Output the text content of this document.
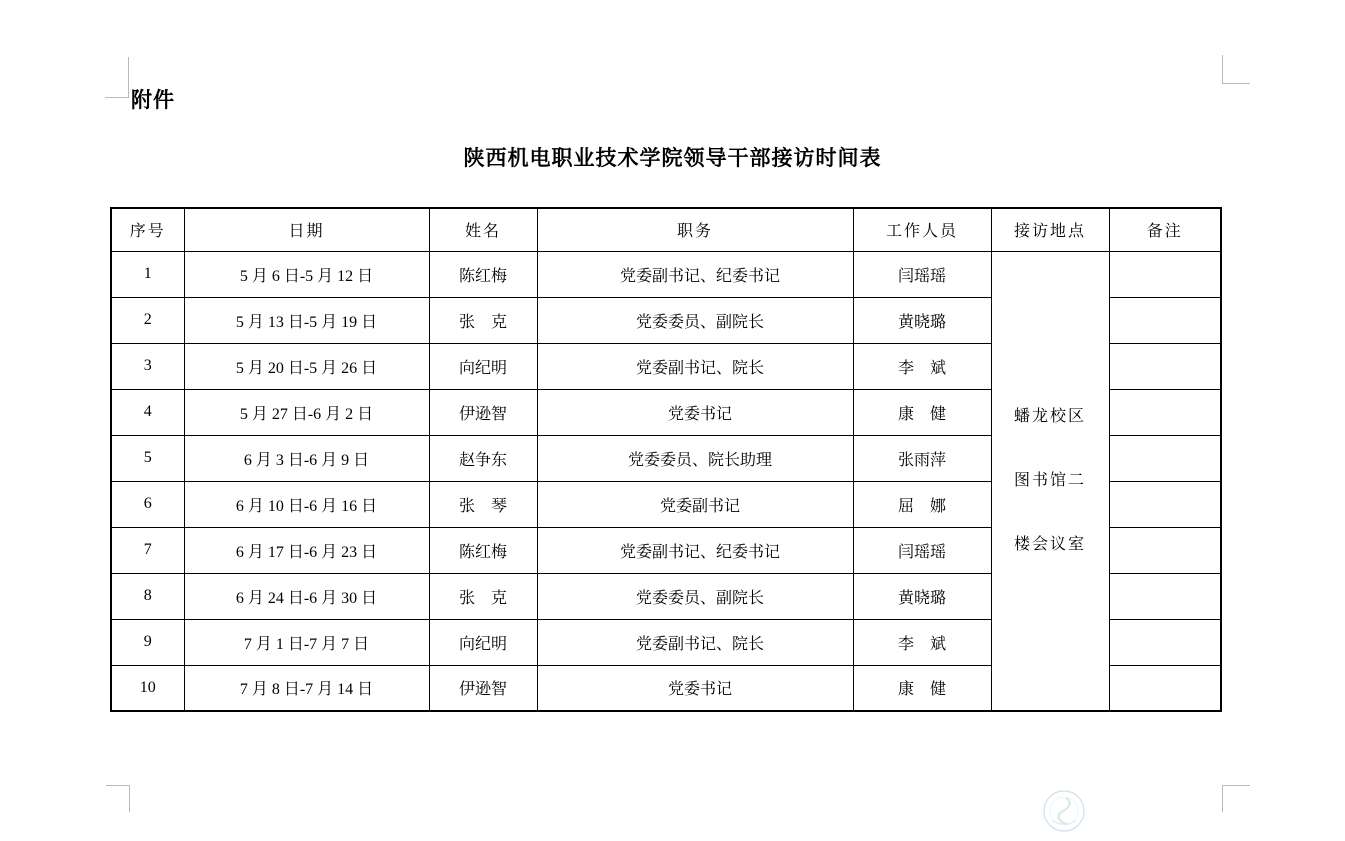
附件
陕西机电职业技术学院领导干部接访时间表
序号	日期	姓名	职务	工作人员	接访地点	备注
1	5 月 6 日-5 月 12 日	陈红梅	党委副书记、纪委书记	闫瑶瑶	蟠龙校区
图书馆二
楼会议室	

2	5 月 13 日-5 月 19 日	张　克	党委委员、副院长	黄晓璐		
3	5 月 20 日-5 月 26 日	向纪明	党委副书记、院长	李　斌		
4	5 月 27 日-6 月 2 日	伊逊智	党委书记	康　健		
5	6 月 3 日-6 月 9 日	赵争东	党委委员、院长助理	张雨萍		
6	6 月 10 日-6 月 16 日	张　琴	党委副书记	屈　娜		
7	6 月 17 日-6 月 23 日	陈红梅	党委副书记、纪委书记	闫瑶瑶		
8	6 月 24 日-6 月 30 日	张　克	党委委员、副院长	黄晓璐		
9	7 月 1 日-7 月 7 日	向纪明	党委副书记、院长	李　斌		
10	7 月 8 日-7 月 14 日	伊逊智	党委书记	康　健		
